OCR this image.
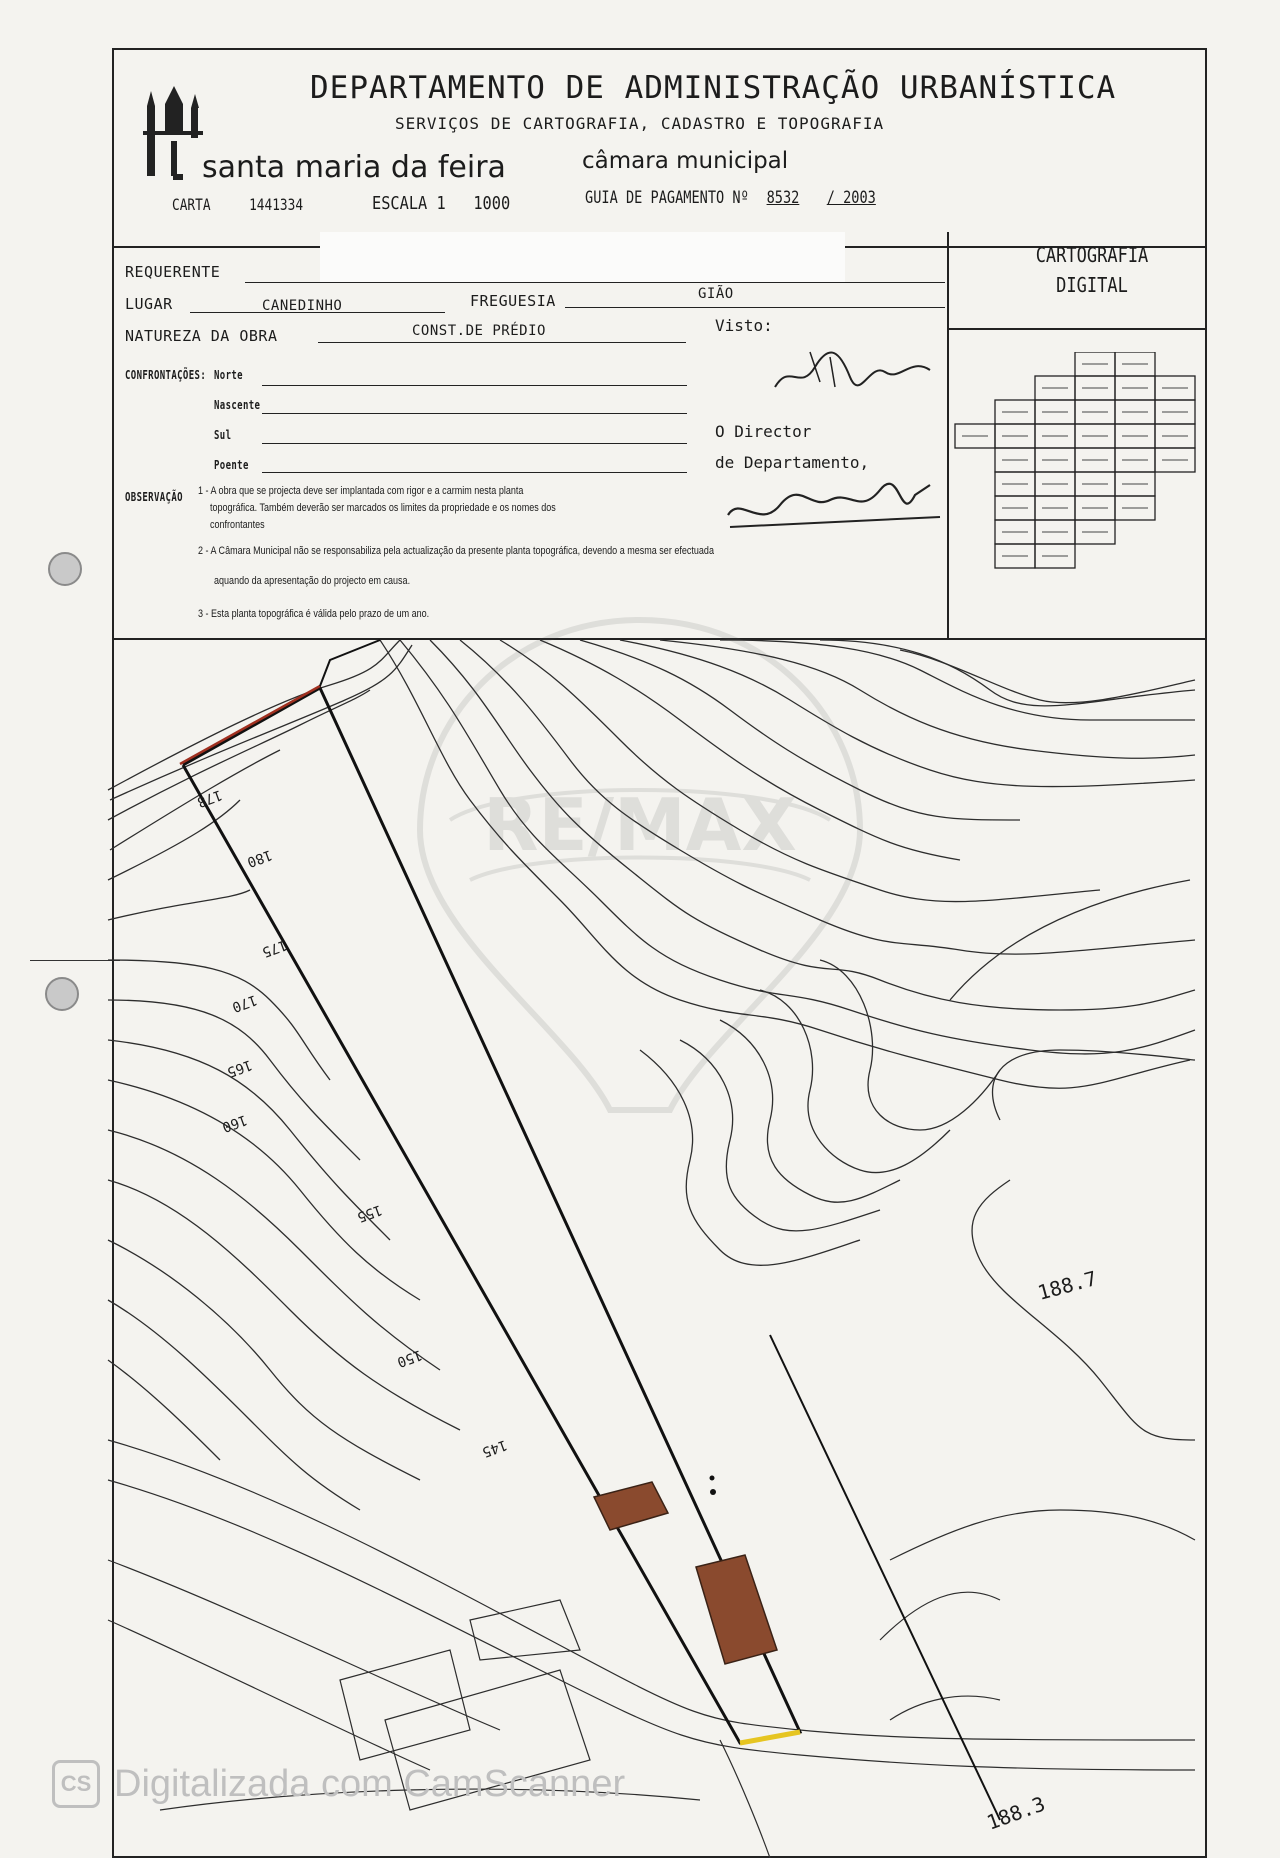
DEPARTAMENTO DE ADMINISTRAÇÃO URBANÍSTICA
SERVIÇOS DE CARTOGRAFIA, CADASTRO E TOPOGRAFIA
santa maria da feira	câmara municipal
CARTA 1441334	ESCALA 1 1000	GUIA DE PAGAMENTO Nº 8532 / 2003
CARTOGRAFIA
DIGITAL
REQUERENTE
LUGAR	CANEDINHO	FREGUESIA	GIÃO
NATUREZA DA OBRA	CONST.DE PRÉDIO	Visto:
O Director
de Departamento,
CONFRONTAÇÕES: Norte
Nascente
Sul
Poente
OBSERVAÇÃO 1 - A obra que se projecta deve ser implantada com rigor e a carmim nesta planta
topográfica. Também deverão ser marcados os limites da propriedade e os nomes dos
confrontantes
2 - A Câmara Municipal não se responsabiliza pela actualização da presente planta topográfica, devendo a mesma ser efectuada
aquando da apresentação do projecto em causa.
3 - Esta planta topográfica é válida pelo prazo de um ano.
188.7
188.3
178
180
175
170
165
160
155
150
145
RE/MAX
CS Digitalizada com CamScanner
